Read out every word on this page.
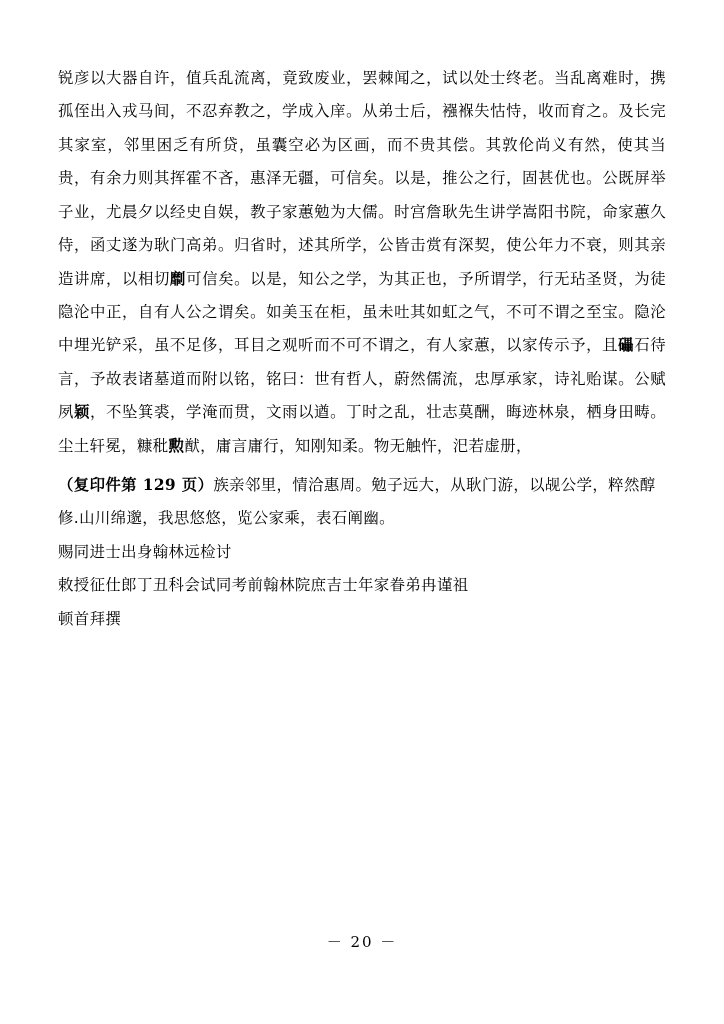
锐彦以大器自许，值兵乱流离，竟致废业，罢棘闻之，试以处士终老。当乱离难时，携孤侄出入戎马间，不忍弃教之，学成入庠。从弟士后，襁褓失怙恃，收而育之。及长完其家室，邻里困乏有所贷，虽囊空必为区画，而不贵其偿。其敦伦尚义有然，使其当贵，有余力则其挥霍不吝，惠泽无疆，可信矣。以是，推公之行，固甚优也。公既屏举子业，尤晨夕以经史自娱，教子家蕙勉为大儒。时宫詹耿先生讲学嵩阳书院，命家蕙久侍，函丈遂为耿门高弟。归省时，述其所学，公皆击赏有深契，使公年力不衰，则其亲造讲席，以相切劘可信矣。以是，知公之学，为其正也，予所谓学，行无玷圣贤，为徒隐沦中正，自有人公之谓矣。如美玉在柜，虽未吐其如虹之气，不可不谓之至宝。隐沦中埋光铲采，虽不足侈，耳目之观听而不可不谓之，有人家蕙，以家传示予，且礧石待言，予故表诸墓道而附以铭，铭曰：世有哲人，蔚然儒流，忠厚承家，诗礼贻谋。公赋夙颖，不坠箕裘，学淹而贯，文雨以遒。丁时之乱，壮志莫酬，晦迹林泉，栖身田畴。尘土轩冕，糠秕勲猷，庸言庸行，知刚知柔。物无触忤，汜若虚册，

（复印件第 129 页）族亲邻里，情洽惠周。勉子远大，从耿门游，以觇公学，粹然醇修.山川绵邈，我思悠悠，览公家乘，表石阐幽。
赐同进士出身翰林远检讨
敕授征仕郎丁丑科会试同考前翰林院庶吉士年家眷弟冉谨祖
顿首拜撰
－ 20 －
